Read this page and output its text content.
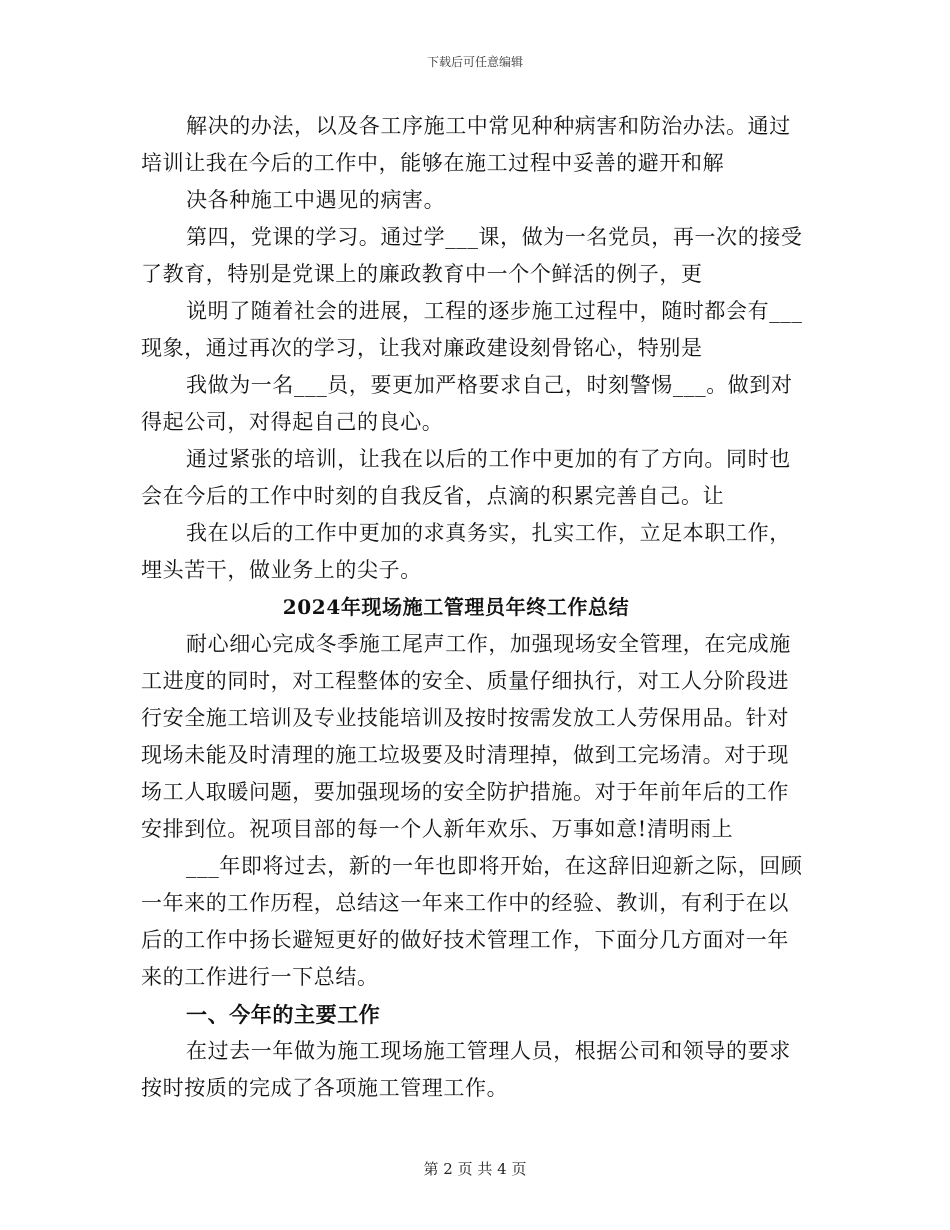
下载后可任意编辑
解决的办法，以及各工序施工中常见种种病害和防治办法。通过
培训让我在今后的工作中，能够在施工过程中妥善的避开和解
决各种施工中遇见的病害。
第四，党课的学习。通过学___课，做为一名党员，再一次的接受
了教育，特别是党课上的廉政教育中一个个鲜活的例子，更
说明了随着社会的进展，工程的逐步施工过程中，随时都会有___
现象，通过再次的学习，让我对廉政建设刻骨铭心，特别是
我做为一名___员，要更加严格要求自己，时刻警惕___。做到对
得起公司，对得起自己的良心。
通过紧张的培训，让我在以后的工作中更加的有了方向。同时也
会在今后的工作中时刻的自我反省，点滴的积累完善自己。让
我在以后的工作中更加的求真务实，扎实工作，立足本职工作，
埋头苦干，做业务上的尖子。
2024年现场施工管理员年终工作总结
耐心细心完成冬季施工尾声工作，加强现场安全管理，在完成施
工进度的同时，对工程整体的安全、质量仔细执行，对工人分阶段进
行安全施工培训及专业技能培训及按时按需发放工人劳保用品。针对
现场未能及时清理的施工垃圾要及时清理掉，做到工完场清。对于现
场工人取暖问题，要加强现场的安全防护措施。对于年前年后的工作
安排到位。祝项目部的每一个人新年欢乐、万事如意!清明雨上
___年即将过去，新的一年也即将开始，在这辞旧迎新之际，回顾
一年来的工作历程，总结这一年来工作中的经验、教训，有利于在以
后的工作中扬长避短更好的做好技术管理工作，下面分几方面对一年
来的工作进行一下总结。
一、今年的主要工作
在过去一年做为施工现场施工管理人员，根据公司和领导的要求
按时按质的完成了各项施工管理工作。
第 2 页 共 4 页
